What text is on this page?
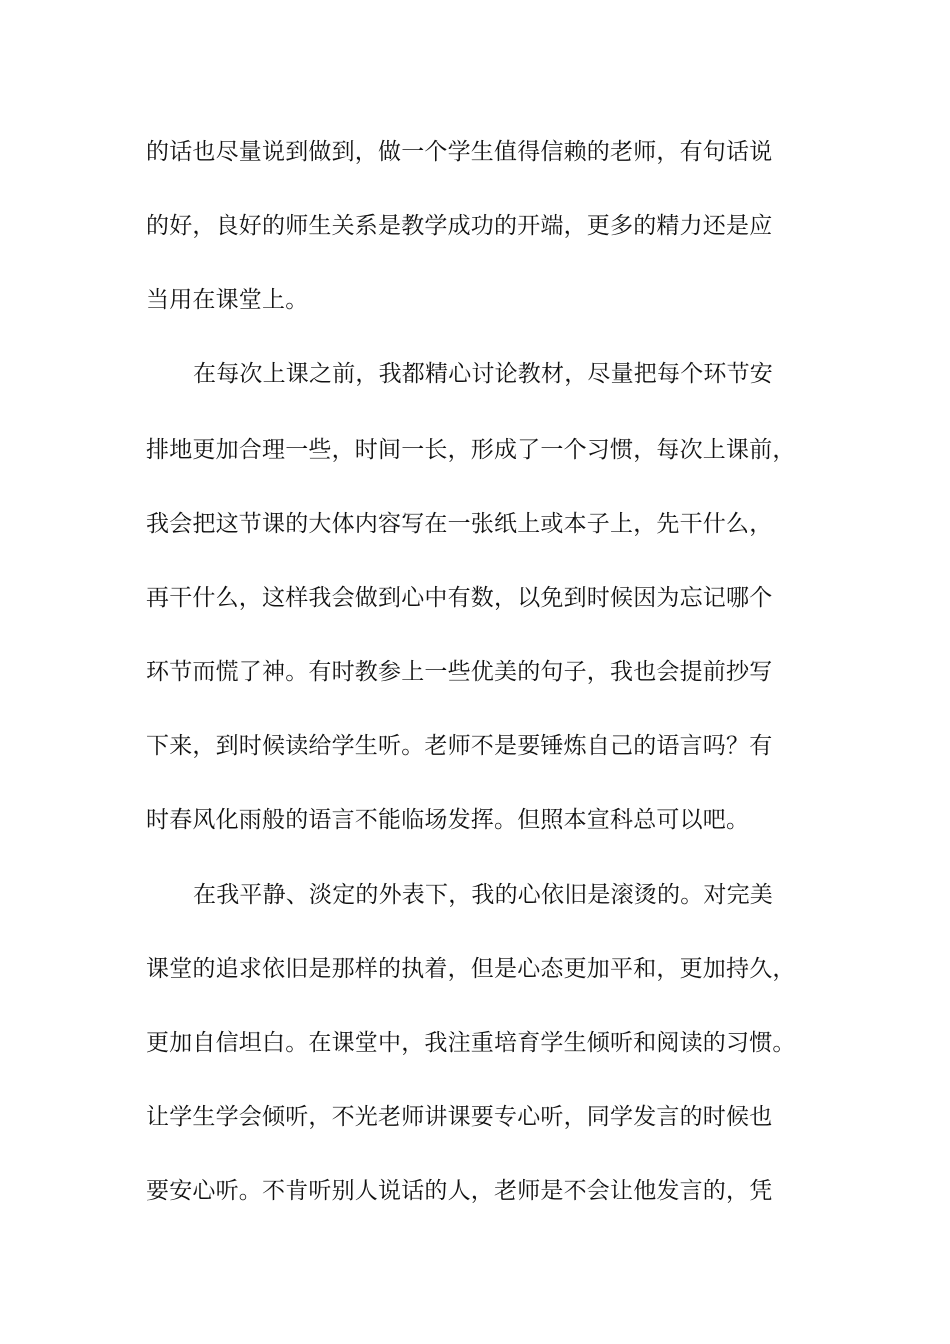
的话也尽量说到做到，做一个学生值得信赖的老师，有句话说
的好，良好的师生关系是教学成功的开端，更多的精力还是应
当用在课堂上。
在每次上课之前，我都精心讨论教材，尽量把每个环节安
排地更加合理一些，时间一长，形成了一个习惯，每次上课前，
我会把这节课的大体内容写在一张纸上或本子上，先干什么，
再干什么，这样我会做到心中有数，以免到时候因为忘记哪个
环节而慌了神。有时教参上一些优美的句子，我也会提前抄写
下来，到时候读给学生听。老师不是要锤炼自己的语言吗？有
时春风化雨般的语言不能临场发挥。但照本宣科总可以吧。
在我平静、淡定的外表下，我的心依旧是滚烫的。对完美
课堂的追求依旧是那样的执着，但是心态更加平和，更加持久，
更加自信坦白。在课堂中，我注重培育学生倾听和阅读的习惯。
让学生学会倾听，不光老师讲课要专心听，同学发言的时候也
要安心听。不肯听别人说话的人，老师是不会让他发言的，凭
